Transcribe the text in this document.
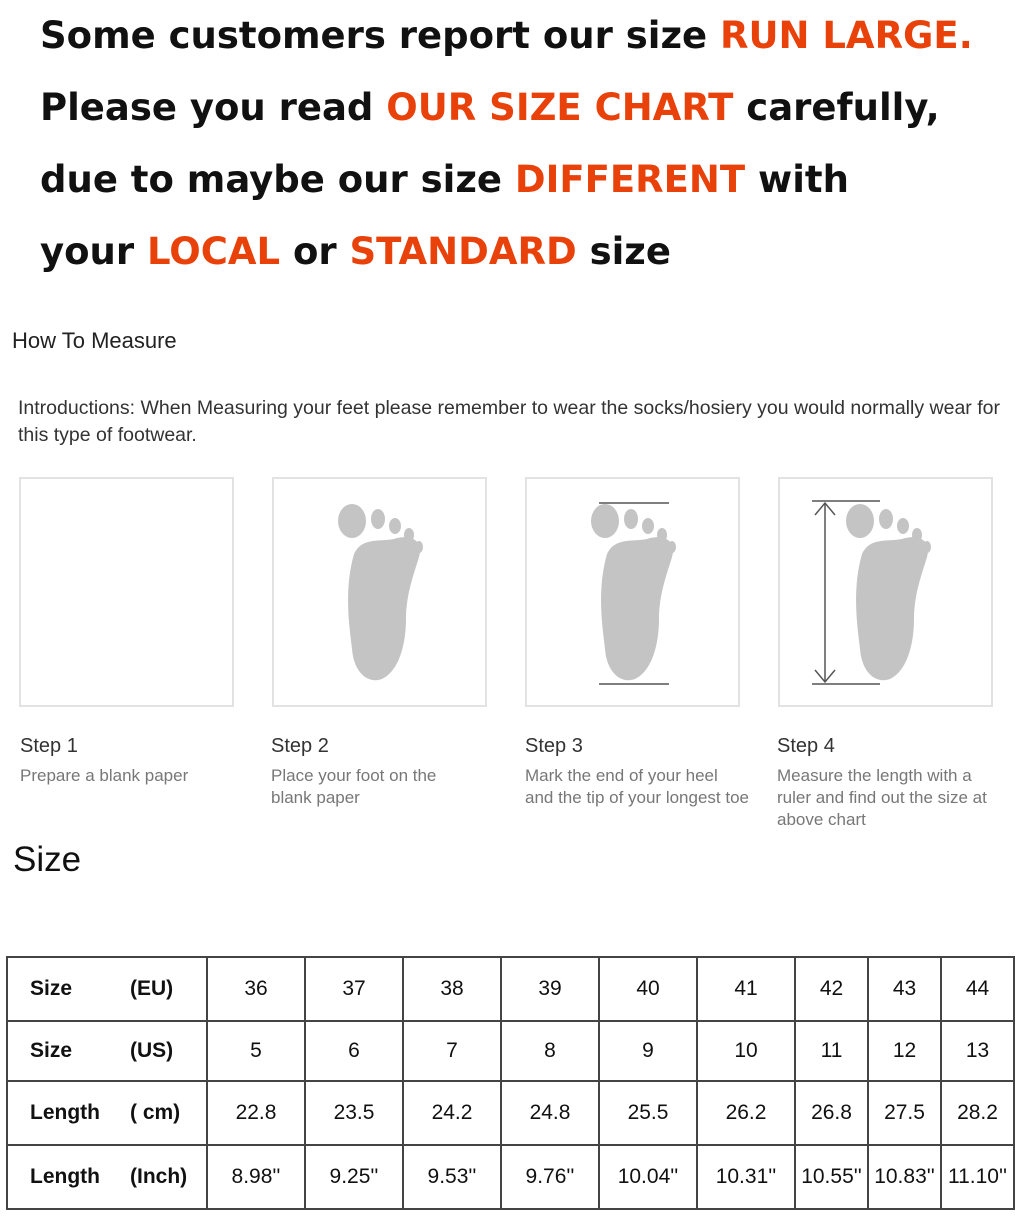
Some customers report our size RUN LARGE.
Please you read OUR SIZE CHART carefully,
due to maybe our size DIFFERENT with
your LOCAL or STANDARD size
How To Measure
Introductions: When Measuring your feet please remember to wear the socks/hosiery you would normally wear for this type of footwear.
Step 1
Prepare a blank paper
Step 2
Place your foot on the blank paper
Step 3
Mark the end of your heel and the tip of your longest toe
Step 4
Measure the length with a ruler and find out the size at above chart
Size
Size (EU)	36	37	38	39	40	41	42	43	44
Size (US)	5	6	7	8	9	10	11	12	13
Length ( cm)	22.8	23.5	24.2	24.8	25.5	26.2	26.8	27.5	28.2
Length (Inch)	8.98''	9.25''	9.53''	9.76''	10.04''	10.31''	10.55''	10.83''	11.10''
